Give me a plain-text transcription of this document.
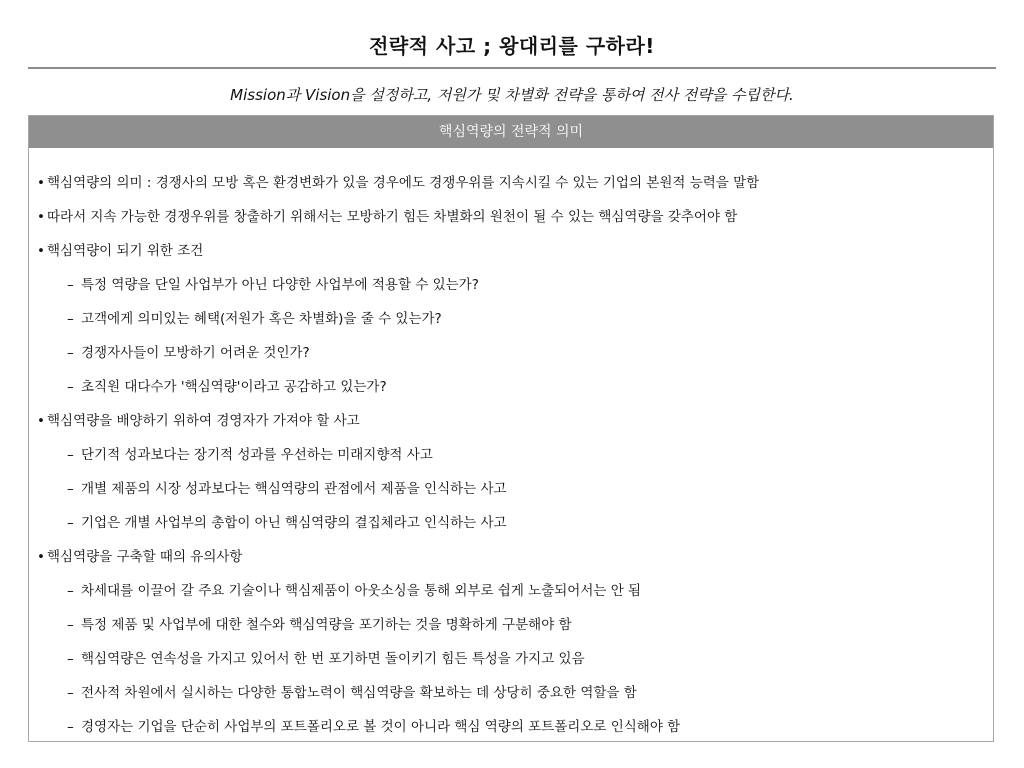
전략적 사고 ; 왕대리를 구하라!
Mission과 Vision을 설정하고, 저원가 및 차별화 전략을 통하여 전사 전략을 수립한다.
핵심역량의 전략적 의미
• 핵심역량의 의미 : 경쟁사의 모방 혹은 환경변화가 있을 경우에도 경쟁우위를 지속시킬 수 있는 기업의 본원적 능력을 말함
• 따라서 지속 가능한 경쟁우위를 창출하기 위해서는 모방하기 힘든 차별화의 원천이 될 수 있는 핵심역량을 갖추어야 함
• 핵심역량이 되기 위한 조건
– 특정 역량을 단일 사업부가 아닌 다양한 사업부에 적용할 수 있는가?
– 고객에게 의미있는 혜택(저원가 혹은 차별화)을 줄 수 있는가?
– 경쟁자사들이 모방하기 어려운 것인가?
– 초직원 대다수가 '핵심역량'이라고 공감하고 있는가?
• 핵심역량을 배양하기 위하여 경영자가 가져야 할 사고
– 단기적 성과보다는 장기적 성과를 우선하는 미래지향적 사고
– 개별 제품의 시장 성과보다는 핵심역량의 관점에서 제품을 인식하는 사고
– 기업은 개별 사업부의 총합이 아닌 핵심역량의 결집체라고 인식하는 사고
• 핵심역량을 구축할 때의 유의사항
– 차세대를 이끌어 갈 주요 기술이나 핵심제품이 아웃소싱을 통해 외부로 쉽게 노출되어서는 안 됨
– 특정 제품 및 사업부에 대한 철수와 핵심역량을 포기하는 것을 명확하게 구분해야 함
– 핵심역량은 연속성을 가지고 있어서 한 번 포기하면 돌이키기 힘든 특성을 가지고 있음
– 전사적 차원에서 실시하는 다양한 통합노력이 핵심역량을 확보하는 데 상당히 중요한 역할을 함
– 경영자는 기업을 단순히 사업부의 포트폴리오로 볼 것이 아니라 핵심 역량의 포트폴리오로 인식해야 함
